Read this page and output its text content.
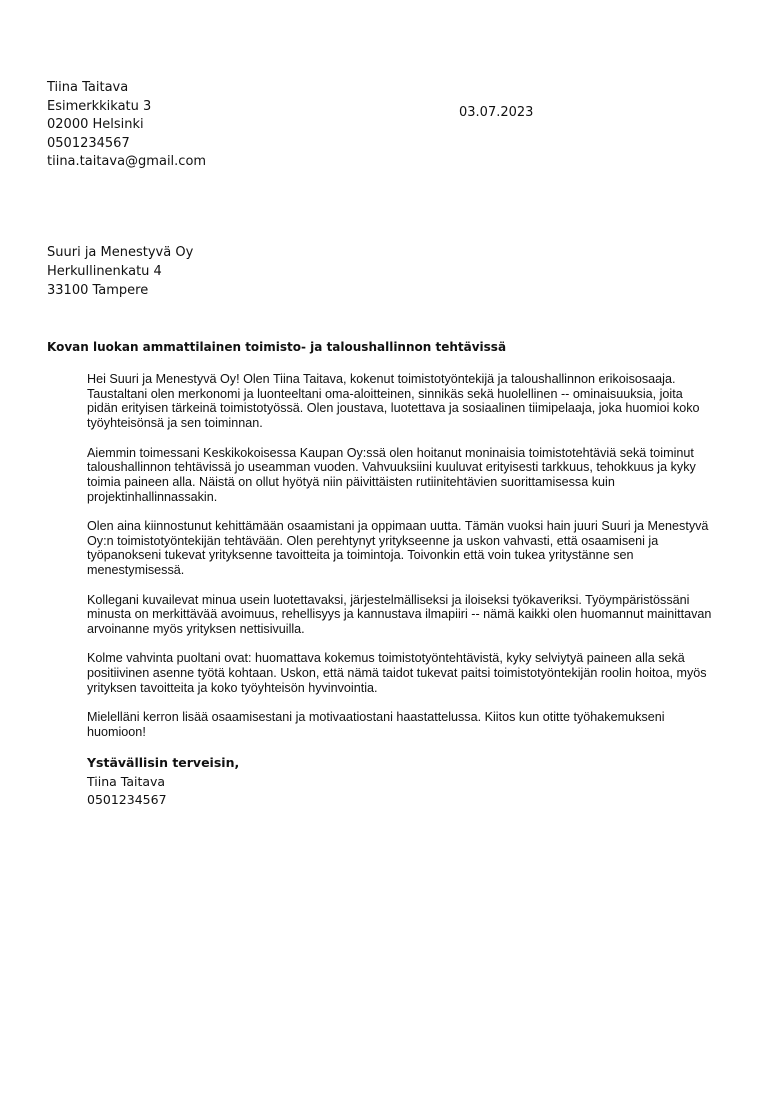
Tiina Taitava
Esimerkkikatu 3
02000 Helsinki
0501234567
tiina.taitava@gmail.com
03.07.2023
Suuri ja Menestyvä Oy
Herkullinenkatu 4
33100 Tampere
Kovan luokan ammattilainen toimisto- ja taloushallinnon tehtävissä

Hei Suuri ja Menestyvä Oy! Olen Tiina Taitava, kokenut toimistotyöntekijä ja taloushallinnon erikoisosaaja. Taustaltani olen merkonomi ja luonteeltani oma-aloitteinen, sinnikäs sekä huolellinen -- ominaisuuksia, joita pidän erityisen tärkeinä toimistotyössä. Olen joustava, luotettava ja sosiaalinen tiimipelaaja, joka huomioi koko työyhteisönsä ja sen toiminnan.

Aiemmin toimessani Keskikokoisessa Kaupan Oy:ssä olen hoitanut moninaisia toimistotehtäviä sekä toiminut taloushallinnon tehtävissä jo useamman vuoden. Vahvuuksiini kuuluvat erityisesti tarkkuus, tehokkuus ja kyky toimia paineen alla. Näistä on ollut hyötyä niin päivittäisten rutiinitehtävien suorittamisessa kuin projektinhallinnassakin.

Olen aina kiinnostunut kehittämään osaamistani ja oppimaan uutta. Tämän vuoksi hain juuri Suuri ja Menestyvä Oy:n toimistotyöntekijän tehtävään. Olen perehtynyt yritykseenne ja uskon vahvasti, että osaamiseni ja työpanokseni tukevat yrityksenne tavoitteita ja toimintoja. Toivonkin että voin tukea yritystänne sen menestymisessä.

Kollegani kuvailevat minua usein luotettavaksi, järjestelmälliseksi ja iloiseksi työkaveriksi. Työympäristössäni minusta on merkittävää avoimuus, rehellisyys ja kannustava ilmapiiri -- nämä kaikki olen huomannut mainittavan arvoinanne myös yrityksen nettisivuilla.

Kolme vahvinta puoltani ovat: huomattava kokemus toimistotyöntehtävistä, kyky selviytyä paineen alla sekä positiivinen asenne työtä kohtaan. Uskon, että nämä taidot tukevat paitsi toimistotyöntekijän roolin hoitoa, myös yrityksen tavoitteita ja koko työyhteisön hyvinvointia.

Mielelläni kerron lisää osaamisestani ja motivaatiostani haastattelussa. Kiitos kun otitte työhakemukseni huomioon!

Ystävällisin terveisin,
Tiina Taitava
0501234567
